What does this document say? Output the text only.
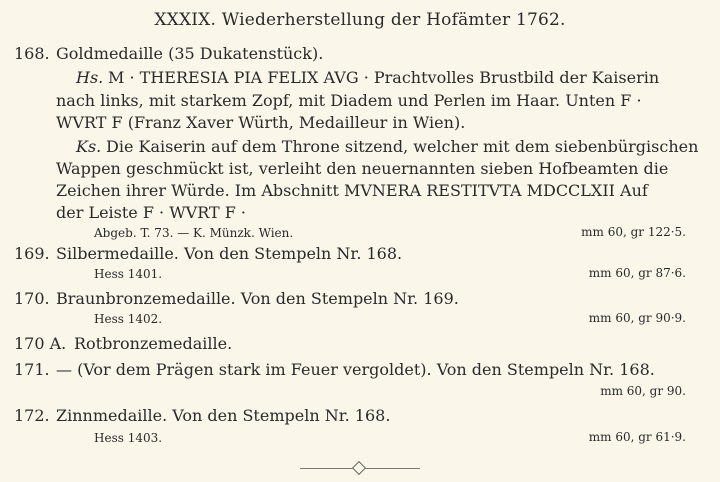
XXXIX. Wiederherstellung der Hofämter 1762.
168. Goldmedaille (35 Dukatenstück).
Hs. M · THERESIA PIA FELIX AVG · Prachtvolles Brustbild der Kaiserin
nach links, mit starkem Zopf, mit Diadem und Perlen im Haar. Unten F ·
WVRT F (Franz Xaver Würth, Medailleur in Wien).
Ks. Die Kaiserin auf dem Throne sitzend, welcher mit dem siebenbürgischen
Wappen geschmückt ist, verleiht den neuernannten sieben Hofbeamten die
Zeichen ihrer Würde. Im Abschnitt MVNERA RESTITVTA MDCCLXII Auf
der Leiste F · WVRT F ·
Abgeb. T. 73. — K. Münzk. Wien.	mm 60, gr 122·5.
169. Silbermedaille. Von den Stempeln Nr. 168.
Hess 1401.	mm 60, gr 87·6.
170. Braunbronzemedaille. Von den Stempeln Nr. 169.
Hess 1402.	mm 60, gr 90·9.
170 A. Rotbronzemedaille.
171. — (Vor dem Prägen stark im Feuer vergoldet). Von den Stempeln Nr. 168.
mm 60, gr 90.
172. Zinnmedaille. Von den Stempeln Nr. 168.
Hess 1403.	mm 60, gr 61·9.
